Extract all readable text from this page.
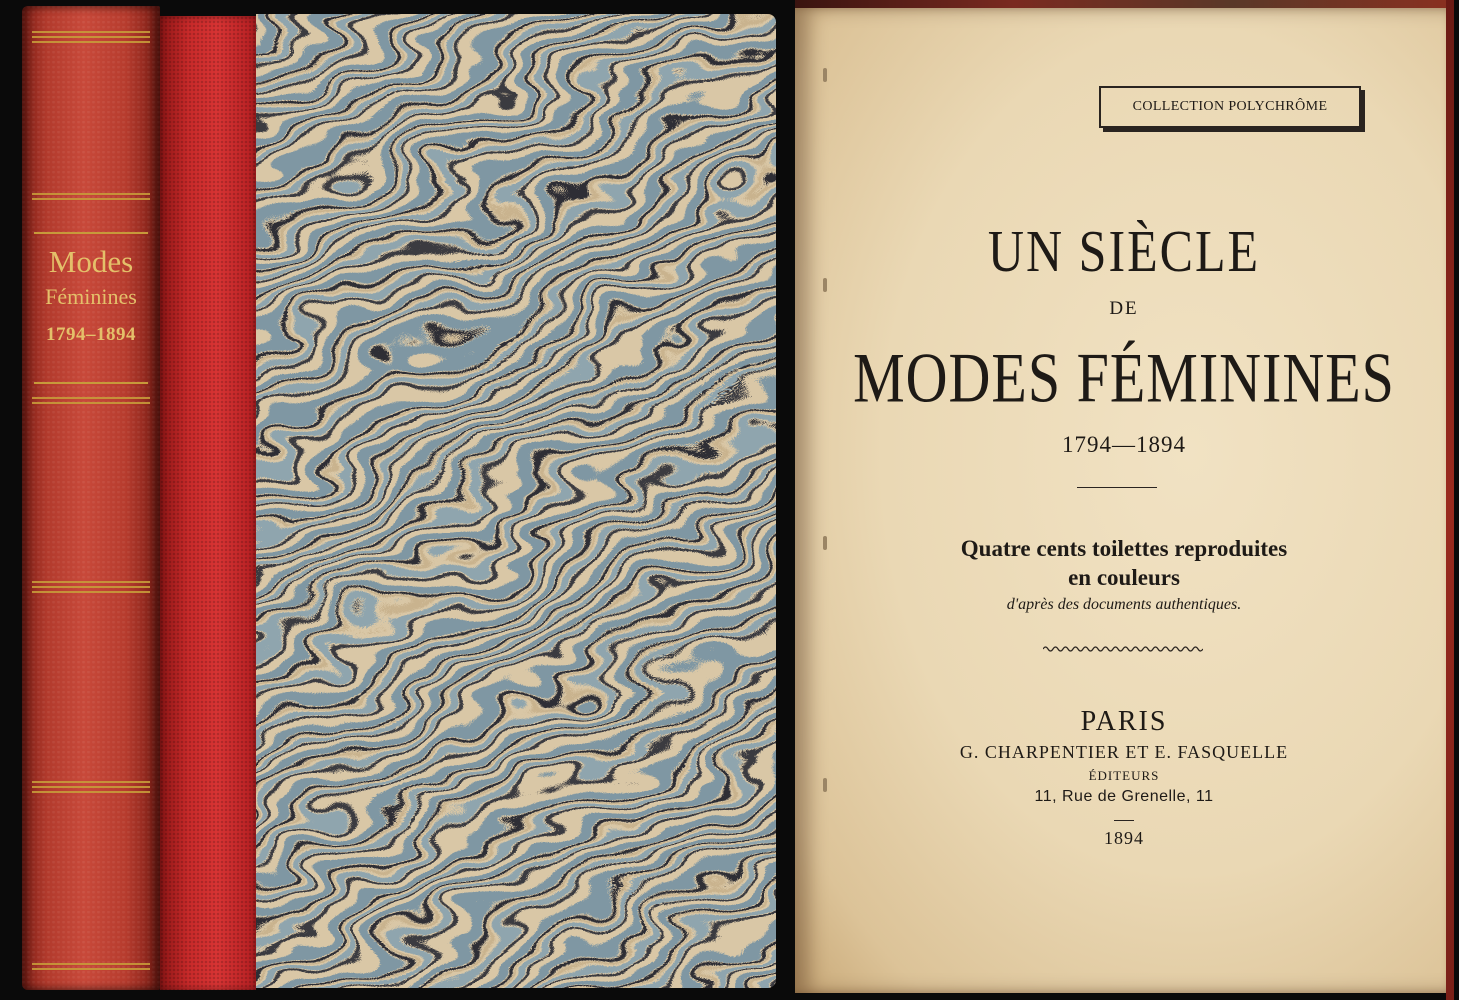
Modes
Féminines
1794–1894
COLLECTION POLYCHRÔME
UN SIÈCLE
DE
MODES FÉMININES
1794—1894
Quatre cents toilettes reproduites
en couleurs
d'après des documents authentiques.
PARIS
G. CHARPENTIER ET E. FASQUELLE
ÉDITEURS
11, Rue de Grenelle, 11
1894
